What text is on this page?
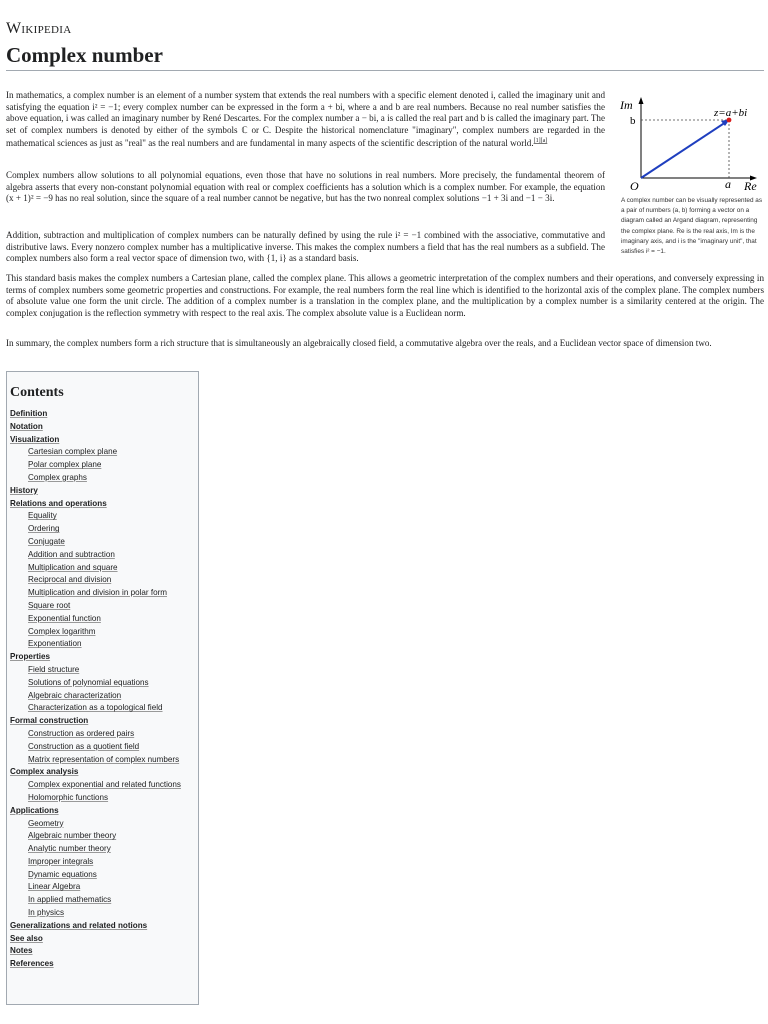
Wikipedia
Complex number
In mathematics, a complex number is an element of a number system that extends the real numbers with a specific element denoted i, called the imaginary unit and satisfying the equation i² = −1; every complex number can be expressed in the form a + bi, where a and b are real numbers. Because no real number satisfies the above equation, i was called an imaginary number by René Descartes. For the complex number a − bi, a is called the real part and b is called the imaginary part. The set of complex numbers is denoted by either of the symbols ℂ or C. Despite the historical nomenclature "imaginary", complex numbers are regarded in the mathematical sciences as just as "real" as the real numbers and are fundamental in many aspects of the scientific description of the natural world.[1][a]
Complex numbers allow solutions to all polynomial equations, even those that have no solutions in real numbers. More precisely, the fundamental theorem of algebra asserts that every non-constant polynomial equation with real or complex coefficients has a solution which is a complex number. For example, the equation (x + 1)² = −9 has no real solution, since the square of a real number cannot be negative, but has the two nonreal complex solutions −1 + 3i and −1 − 3i.
Addition, subtraction and multiplication of complex numbers can be naturally defined by using the rule i² = −1 combined with the associative, commutative and distributive laws. Every nonzero complex number has a multiplicative inverse. This makes the complex numbers a field that has the real numbers as a subfield. The complex numbers also form a real vector space of dimension two, with {1, i} as a standard basis.
This standard basis makes the complex numbers a Cartesian plane, called the complex plane. This allows a geometric interpretation of the complex numbers and their operations, and conversely expressing in terms of complex numbers some geometric properties and constructions. For example, the real numbers form the real line which is identified to the horizontal axis of the complex plane. The complex numbers of absolute value one form the unit circle. The addition of a complex number is a translation in the complex plane, and the multiplication by a complex number is a similarity centered at the origin. The complex conjugation is the reflection symmetry with respect to the real axis. The complex absolute value is a Euclidean norm.
In summary, the complex numbers form a rich structure that is simultaneously an algebraically closed field, a commutative algebra over the reals, and a Euclidean vector space of dimension two.
Im
b
z=a+bi
O	a Re
A complex number can be visually represented as a pair of numbers (a, b) forming a vector on a diagram called an Argand diagram, representing the complex plane. Re is the real axis, Im is the imaginary axis, and i is the "imaginary unit", that satisfies i² = −1.
Contents
Definition
Notation
Visualization
Cartesian complex plane
Polar complex plane
Complex graphs
History
Relations and operations
Equality
Ordering
Conjugate
Addition and subtraction
Multiplication and square
Reciprocal and division
Multiplication and division in polar form
Square root
Exponential function
Complex logarithm
Exponentiation
Properties
Field structure
Solutions of polynomial equations
Algebraic characterization
Characterization as a topological field
Formal construction
Construction as ordered pairs
Construction as a quotient field
Matrix representation of complex numbers
Complex analysis
Complex exponential and related functions
Holomorphic functions
Applications
Geometry
Algebraic number theory
Analytic number theory
Improper integrals
Dynamic equations
Linear Algebra
In applied mathematics
In physics
Generalizations and related notions
See also
Notes
References
